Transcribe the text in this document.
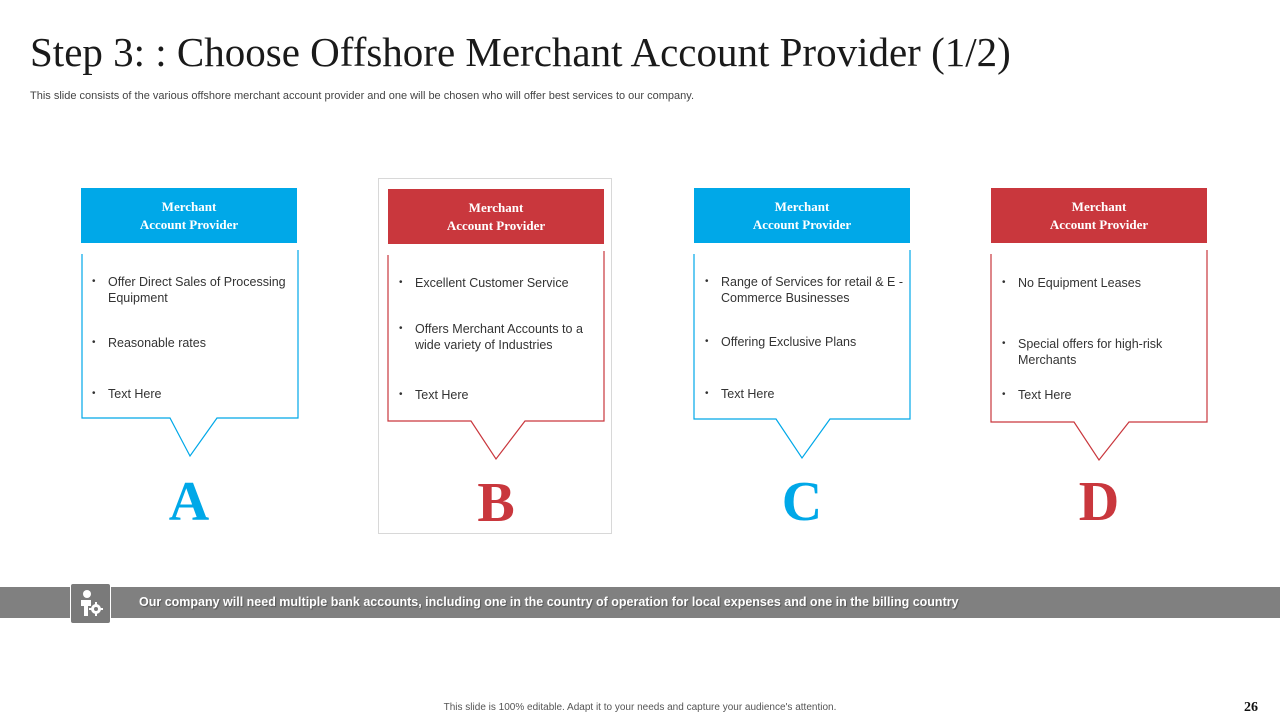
Step 3: : Choose Offshore Merchant Account Provider (1/2)
This slide consists of the various offshore merchant account provider and one will be chosen who will offer best services to our company.
Merchant
Account Provider
• Offer Direct Sales of Processing Equipment
• Reasonable rates
• Text Here
A
Merchant
Account Provider
• Excellent Customer Service
• Offers Merchant Accounts to a wide variety of Industries
• Text Here
B
Merchant
Account Provider
• Range of Services for retail & E - Commerce Businesses
• Offering Exclusive Plans
• Text Here
C
Merchant
Account Provider
• No Equipment Leases
• Special offers for high-risk Merchants
• Text Here
D
Our company will need multiple bank accounts, including one in the country of operation for local expenses and one in the billing country
This slide is 100% editable. Adapt it to your needs and capture your audience's attention.	26
